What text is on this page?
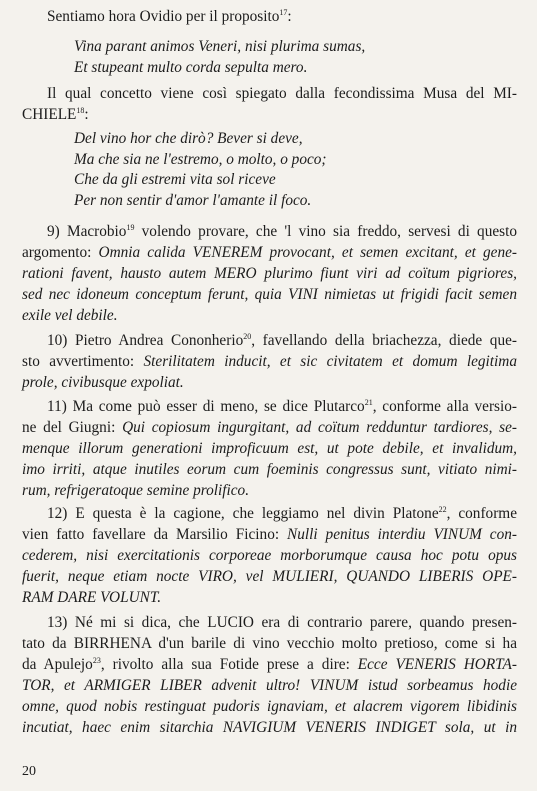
Sentiamo hora Ovidio per il proposito$^{17}$:
Vina parant animos Veneri, nisi plurima sumas,
Et stupeant multo corda sepulta mero.
Il qual concetto viene così spiegato dalla fecondissima Musa del MI-
CHIELE$^{18}$:
Del vino hor che dirò? Bever si deve,
Ma che sia ne l'estremo, o molto, o poco;
Che da gli estremi vita sol riceve
Per non sentir d'amor l'amante il foco.
9) Macrobio$^{19}$ volendo provare, che 'l vino sia freddo, servesi di questo
argomento: Omnia calida VENEREM provocant, et semen excitant, et gene-
rationi favent, hausto autem MERO plurimo fiunt viri ad coïtum pigriores,
sed nec idoneum conceptum ferunt, quia VINI nimietas ut frigidi facit semen
exile vel debile.
10) Pietro Andrea Cononherio$^{20}$, favellando della briachezza, diede que-
sto avvertimento: Sterilitatem inducit, et sic civitatem et domum legitima
prole, civibusque expoliat.
11) Ma come può esser di meno, se dice Plutarco$^{21}$, conforme alla versio-
ne del Giugni: Qui copiosum ingurgitant, ad coïtum redduntur tardiores, se-
menque illorum generationi improficuum est, ut pote debile, et invalidum,
imo irriti, atque inutiles eorum cum foeminis congressus sunt, vitiato nimi-
rum, refrigeratoque semine prolifico.
12) E questa è la cagione, che leggiamo nel divin Platone$^{22}$, conforme
vien fatto favellare da Marsilio Ficino: Nulli penitus interdiu VINUM con-
cederem, nisi exercitationis corporeae morborumque causa hoc potu opus
fuerit, neque etiam nocte VIRO, vel MULIERI, QUANDO LIBERIS OPE-
RAM DARE VOLUNT.
13) Né mi si dica, che LUCIO era di contrario parere, quando presen-
tato da BIRRHENA d'un barile di vino vecchio molto pretioso, come si ha
da Apulejo$^{23}$, rivolto alla sua Fotide prese a dire: Ecce VENERIS HORTA-
TOR, et ARMIGER LIBER advenit ultro! VINUM istud sorbeamus hodie
omne, quod nobis restinguat pudoris ignaviam, et alacrem vigorem libidinis
incutiat, haec enim sitarchia NAVIGIUM VENERIS INDIGET sola, ut in
20
